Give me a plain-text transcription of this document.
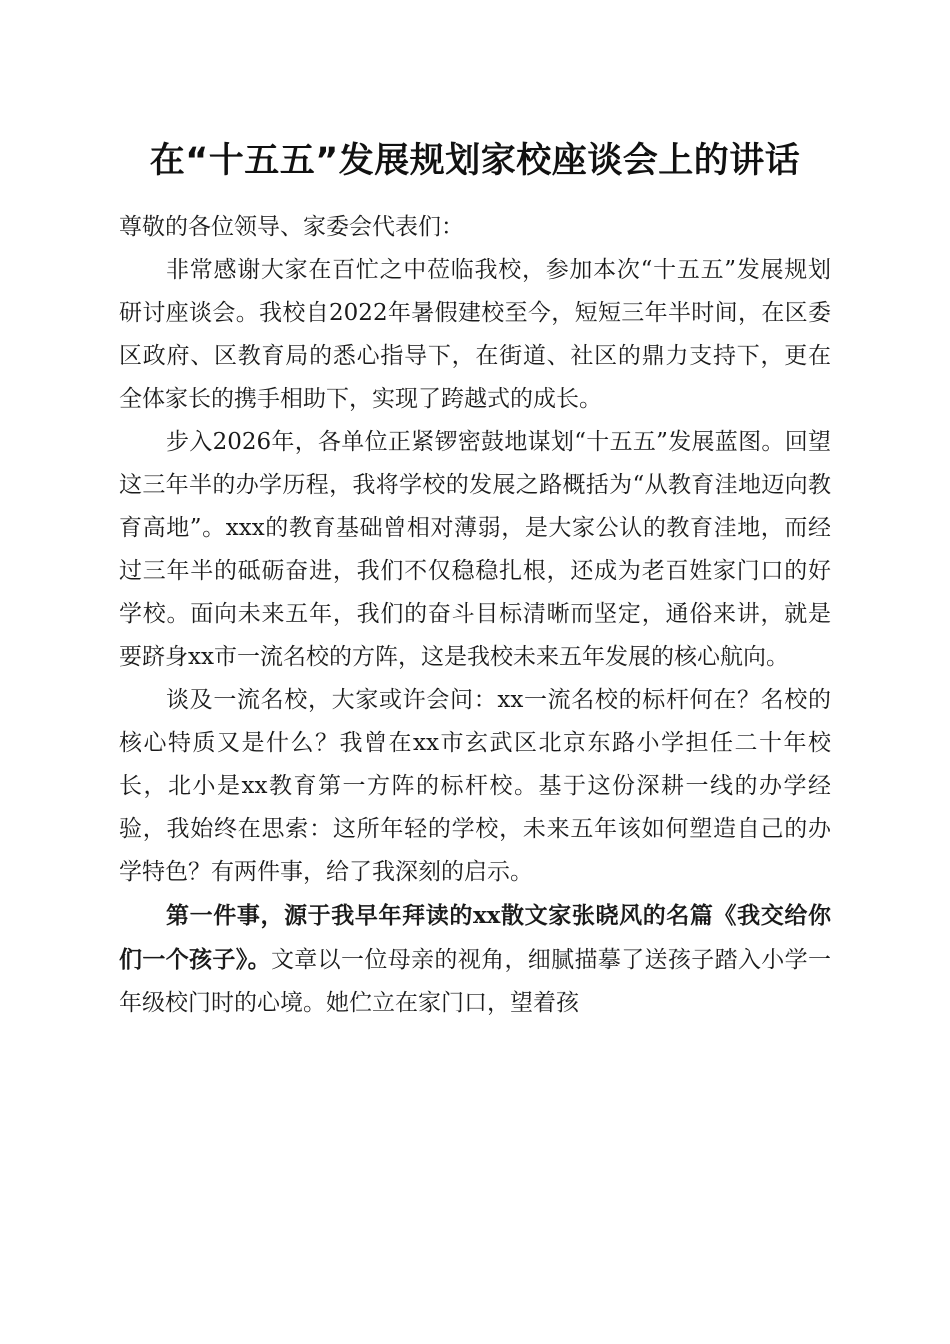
在“十五五”发展规划家校座谈会上的讲话

尊敬的各位领导、家委会代表们：

非常感谢大家在百忙之中莅临我校，参加本次“十五五”发展规划研讨座谈会。我校自2022年暑假建校至今，短短三年半时间，在区委区政府、区教育局的悉心指导下，在街道、社区的鼎力支持下，更在全体家长的携手相助下，实现了跨越式的成长。

步入2026年，各单位正紧锣密鼓地谋划“十五五”发展蓝图。回望这三年半的办学历程，我将学校的发展之路概括为“从教育洼地迈向教育高地”。xxx的教育基础曾相对薄弱，是大家公认的教育洼地，而经过三年半的砥砺奋进，我们不仅稳稳扎根，还成为老百姓家门口的好学校。面向未来五年，我们的奋斗目标清晰而坚定，通俗来讲，就是要跻身xx市一流名校的方阵，这是我校未来五年发展的核心航向。

谈及一流名校，大家或许会问：xx一流名校的标杆何在？名校的核心特质又是什么？我曾在xx市玄武区北京东路小学担任二十年校长，北小是xx教育第一方阵的标杆校。基于这份深耕一线的办学经验，我始终在思索：这所年轻的学校，未来五年该如何塑造自己的办学特色？有两件事，给了我深刻的启示。

第一件事，源于我早年拜读的xx散文家张晓风的名篇《我交给你们一个孩子》。文章以一位母亲的视角，细腻描摹了送孩子踏入小学一年级校门时的心境。她伫立在家门口，望着孩
